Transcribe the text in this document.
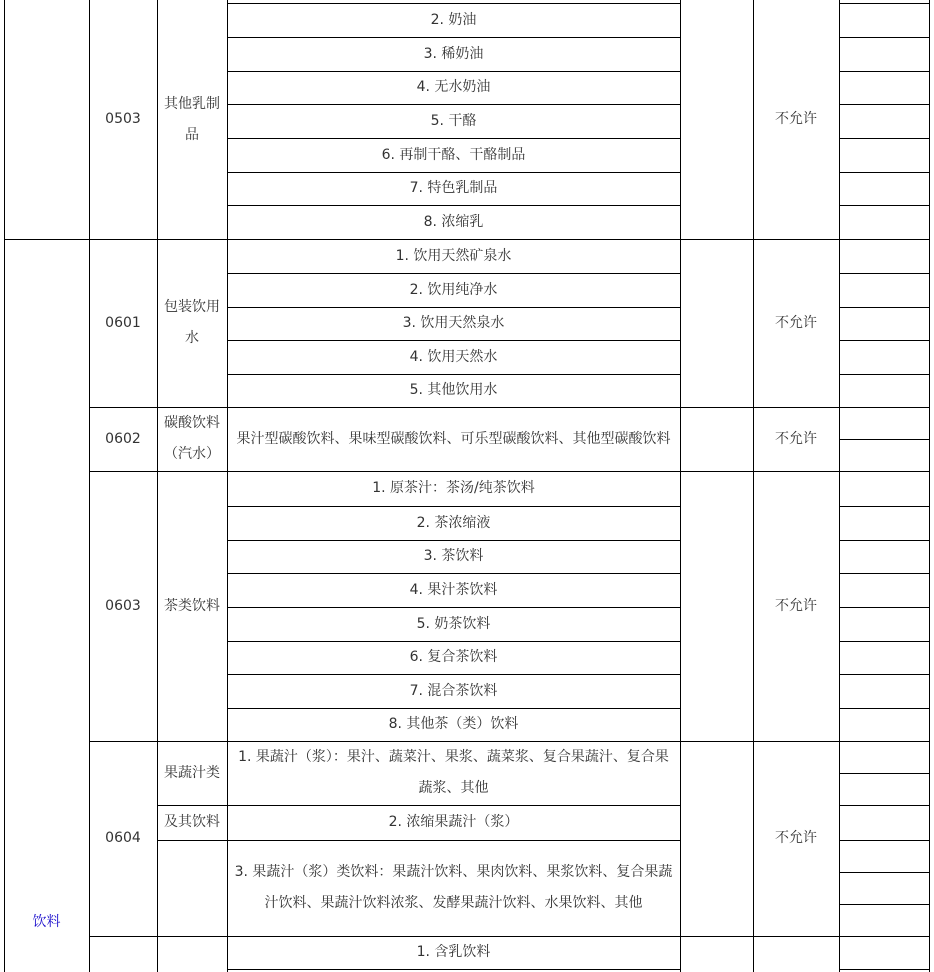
0503
其他乳制品
2. 奶油
3. 稀奶油
4. 无水奶油
5. 干酪
6. 再制干酪、干酪制品
7. 特色乳制品
8. 浓缩乳
不允许
饮料
0601
包装饮用水
1. 饮用天然矿泉水
2. 饮用纯净水
3. 饮用天然泉水
4. 饮用天然水
5. 其他饮用水
不允许
0602
碳酸饮料（汽水）
果汁型碳酸饮料、果味型碳酸饮料、可乐型碳酸饮料、其他型碳酸饮料	不允许
0603	茶类饮料
1. 原茶汁：茶汤/纯茶饮料
2. 茶浓缩液
3. 茶饮料
4. 果汁茶饮料
5. 奶茶饮料
6. 复合茶饮料
7. 混合茶饮料
8. 其他茶（类）饮料
不允许
0604
果蔬汁类
及其饮料
1. 果蔬汁（浆）：果汁、蔬菜汁、果浆、蔬菜浆、复合果蔬汁、复合果蔬浆、其他
2. 浓缩果蔬汁（浆）
3. 果蔬汁（浆）类饮料：果蔬汁饮料、果肉饮料、果浆饮料、复合果蔬汁饮料、果蔬汁饮料浓浆、发酵果蔬汁饮料、水果饮料、其他
不允许
1. 含乳饮料
